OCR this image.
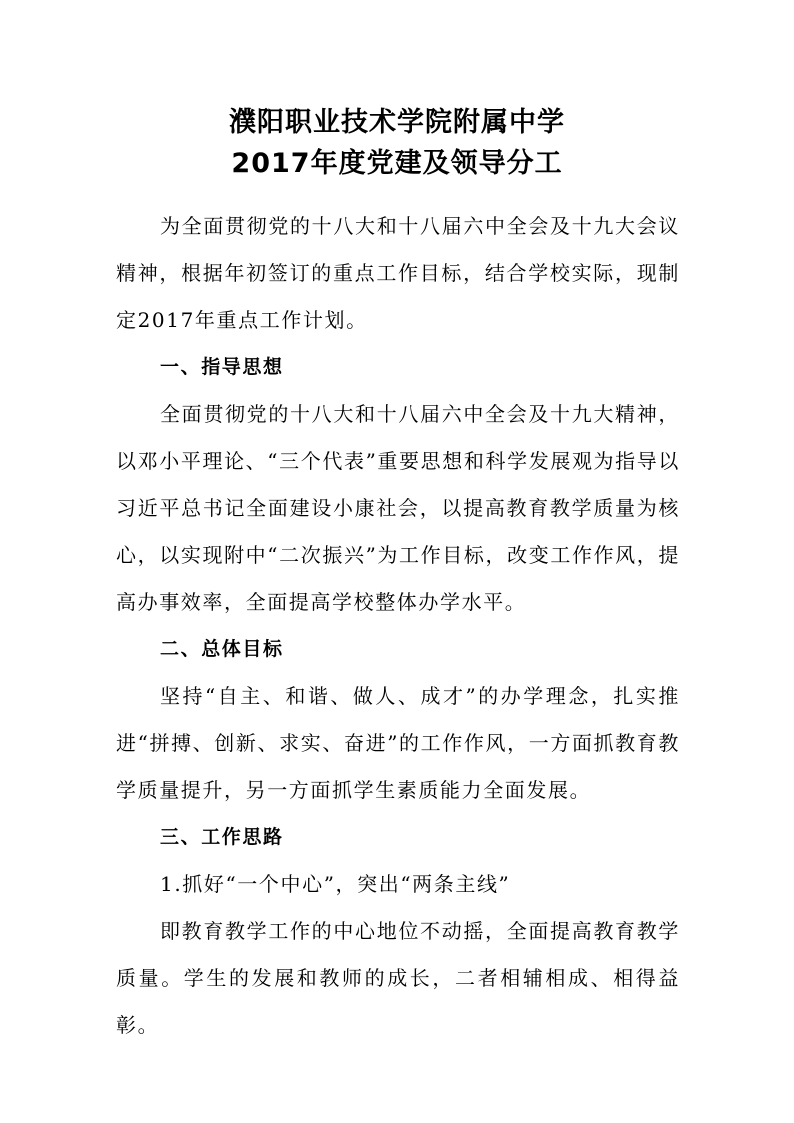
濮阳职业技术学院附属中学
2017年度党建及领导分工

为全面贯彻党的十八大和十八届六中全会及十九大会议精神，根据年初签订的重点工作目标，结合学校实际，现制定2017年重点工作计划。

一、指导思想

全面贯彻党的十八大和十八届六中全会及十九大精神，以邓小平理论、“三个代表”重要思想和科学发展观为指导以习近平总书记全面建设小康社会，以提高教育教学质量为核心，以实现附中“二次振兴”为工作目标，改变工作作风，提高办事效率，全面提高学校整体办学水平。

二、总体目标

坚持“自主、和谐、做人、成才”的办学理念，扎实推进“拼搏、创新、求实、奋进”的工作作风，一方面抓教育教学质量提升，另一方面抓学生素质能力全面发展。

三、工作思路

1.抓好“一个中心”，突出“两条主线”

即教育教学工作的中心地位不动摇，全面提高教育教学质量。学生的发展和教师的成长，二者相辅相成、相得益彰。
